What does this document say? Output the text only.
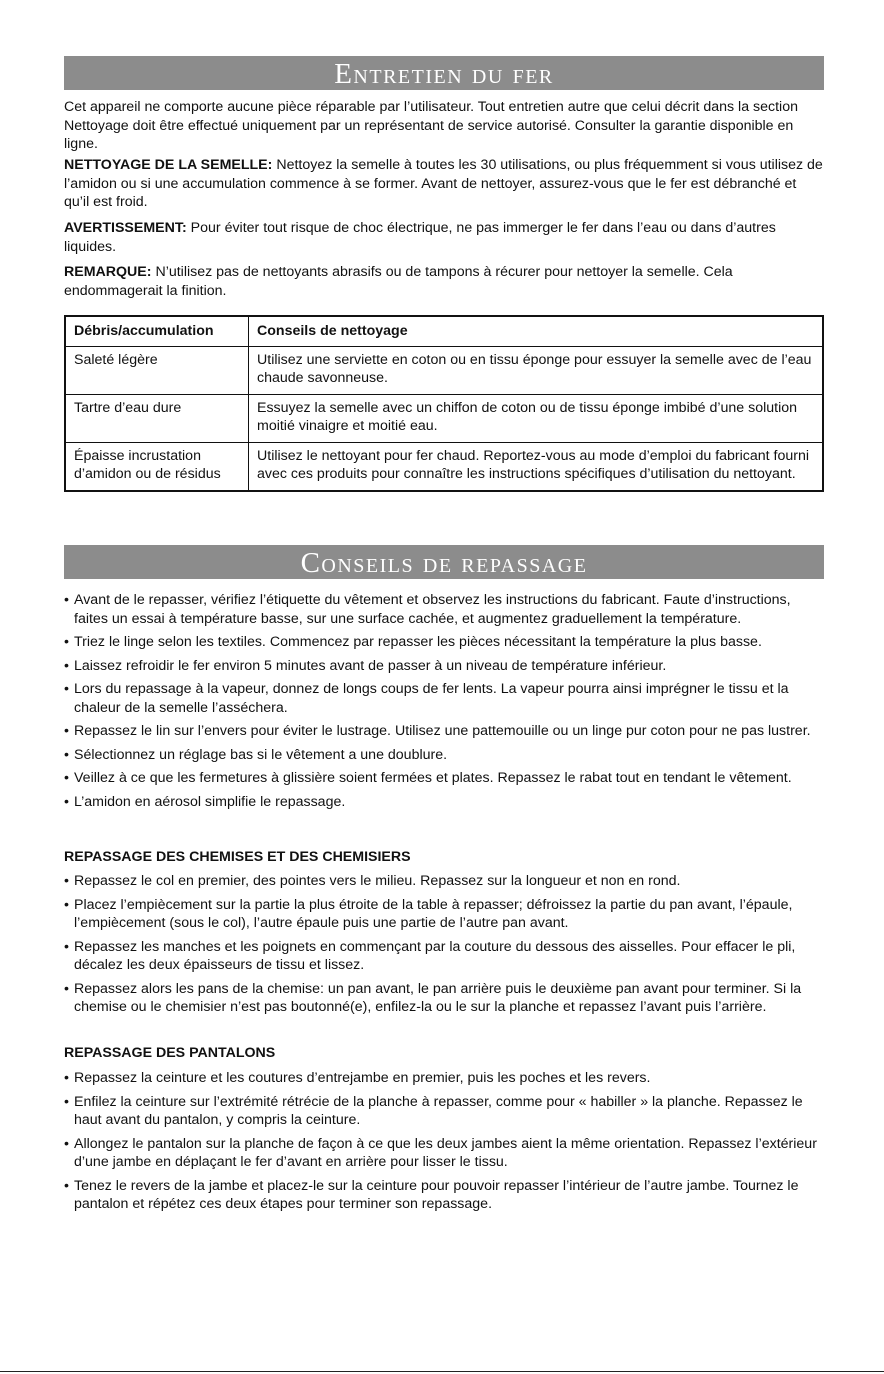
Entretien du fer

Cet appareil ne comporte aucune pièce réparable par l’utilisateur. Tout entretien autre que celui décrit dans la section Nettoyage doit être effectué uniquement par un représentant de service autorisé. Consulter la garantie disponible en ligne.

NETTOYAGE DE LA SEMELLE: Nettoyez la semelle à toutes les 30 utilisations, ou plus fréquemment si vous utilisez de l’amidon ou si une accumulation commence à se former. Avant de nettoyer, assurez-vous que le fer est débranché et qu’il est froid.

AVERTISSEMENT: Pour éviter tout risque de choc électrique, ne pas immerger le fer dans l’eau ou dans d’autres liquides.

REMARQUE: N’utilisez pas de nettoyants abrasifs ou de tampons à récurer pour nettoyer la semelle. Cela endommagerait la finition.

Débris/accumulation	Conseils de nettoyage
Saleté légère	Utilisez une serviette en coton ou en tissu éponge pour essuyer la semelle avec de l’eau chaude savonneuse.
Tartre d’eau dure	Essuyez la semelle avec un chiffon de coton ou de tissu éponge imbibé d’une solution moitié vinaigre et moitié eau.
Épaisse incrustation d’amidon ou de résidus	Utilisez le nettoyant pour fer chaud. Reportez-vous au mode d’emploi du fabricant fourni avec ces produits pour connaître les instructions spécifiques d’utilisation du nettoyant.
Conseils de repassage
• Avant de le repasser, vérifiez l’étiquette du vêtement et observez les instructions du fabricant. Faute d’instructions, faites un essai à température basse, sur une surface cachée, et augmentez graduellement la température.
• Triez le linge selon les textiles. Commencez par repasser les pièces nécessitant la température la plus basse.
• Laissez refroidir le fer environ 5 minutes avant de passer à un niveau de température inférieur.
• Lors du repassage à la vapeur, donnez de longs coups de fer lents. La vapeur pourra ainsi imprégner le tissu et la chaleur de la semelle l’asséchera.
• Repassez le lin sur l’envers pour éviter le lustrage. Utilisez une pattemouille ou un linge pur coton pour ne pas lustrer.
• Sélectionnez un réglage bas si le vêtement a une doublure.
• Veillez à ce que les fermetures à glissière soient fermées et plates. Repassez le rabat tout en tendant le vêtement.
• L’amidon en aérosol simplifie le repassage.
REPASSAGE DES CHEMISES ET DES CHEMISIERS
• Repassez le col en premier, des pointes vers le milieu. Repassez sur la longueur et non en rond.
• Placez l’empiècement sur la partie la plus étroite de la table à repasser; défroissez la partie du pan avant, l’épaule, l’empiècement (sous le col), l’autre épaule puis une partie de l’autre pan avant.
• Repassez les manches et les poignets en commençant par la couture du dessous des aisselles. Pour effacer le pli, décalez les deux épaisseurs de tissu et lissez.
• Repassez alors les pans de la chemise: un pan avant, le pan arrière puis le deuxième pan avant pour terminer. Si la chemise ou le chemisier n’est pas boutonné(e), enfilez-la ou le sur la planche et repassez l’avant puis l’arrière.
REPASSAGE DES PANTALONS
• Repassez la ceinture et les coutures d’entrejambe en premier, puis les poches et les revers.
• Enfilez la ceinture sur l’extrémité rétrécie de la planche à repasser, comme pour « habiller » la planche. Repassez le haut avant du pantalon, y compris la ceinture.
• Allongez le pantalon sur la planche de façon à ce que les deux jambes aient la même orientation. Repassez l’extérieur d’une jambe en déplaçant le fer d’avant en arrière pour lisser le tissu.
• Tenez le revers de la jambe et placez-le sur la ceinture pour pouvoir repasser l’intérieur de l’autre jambe. Tournez le pantalon et répétez ces deux étapes pour terminer son repassage.
